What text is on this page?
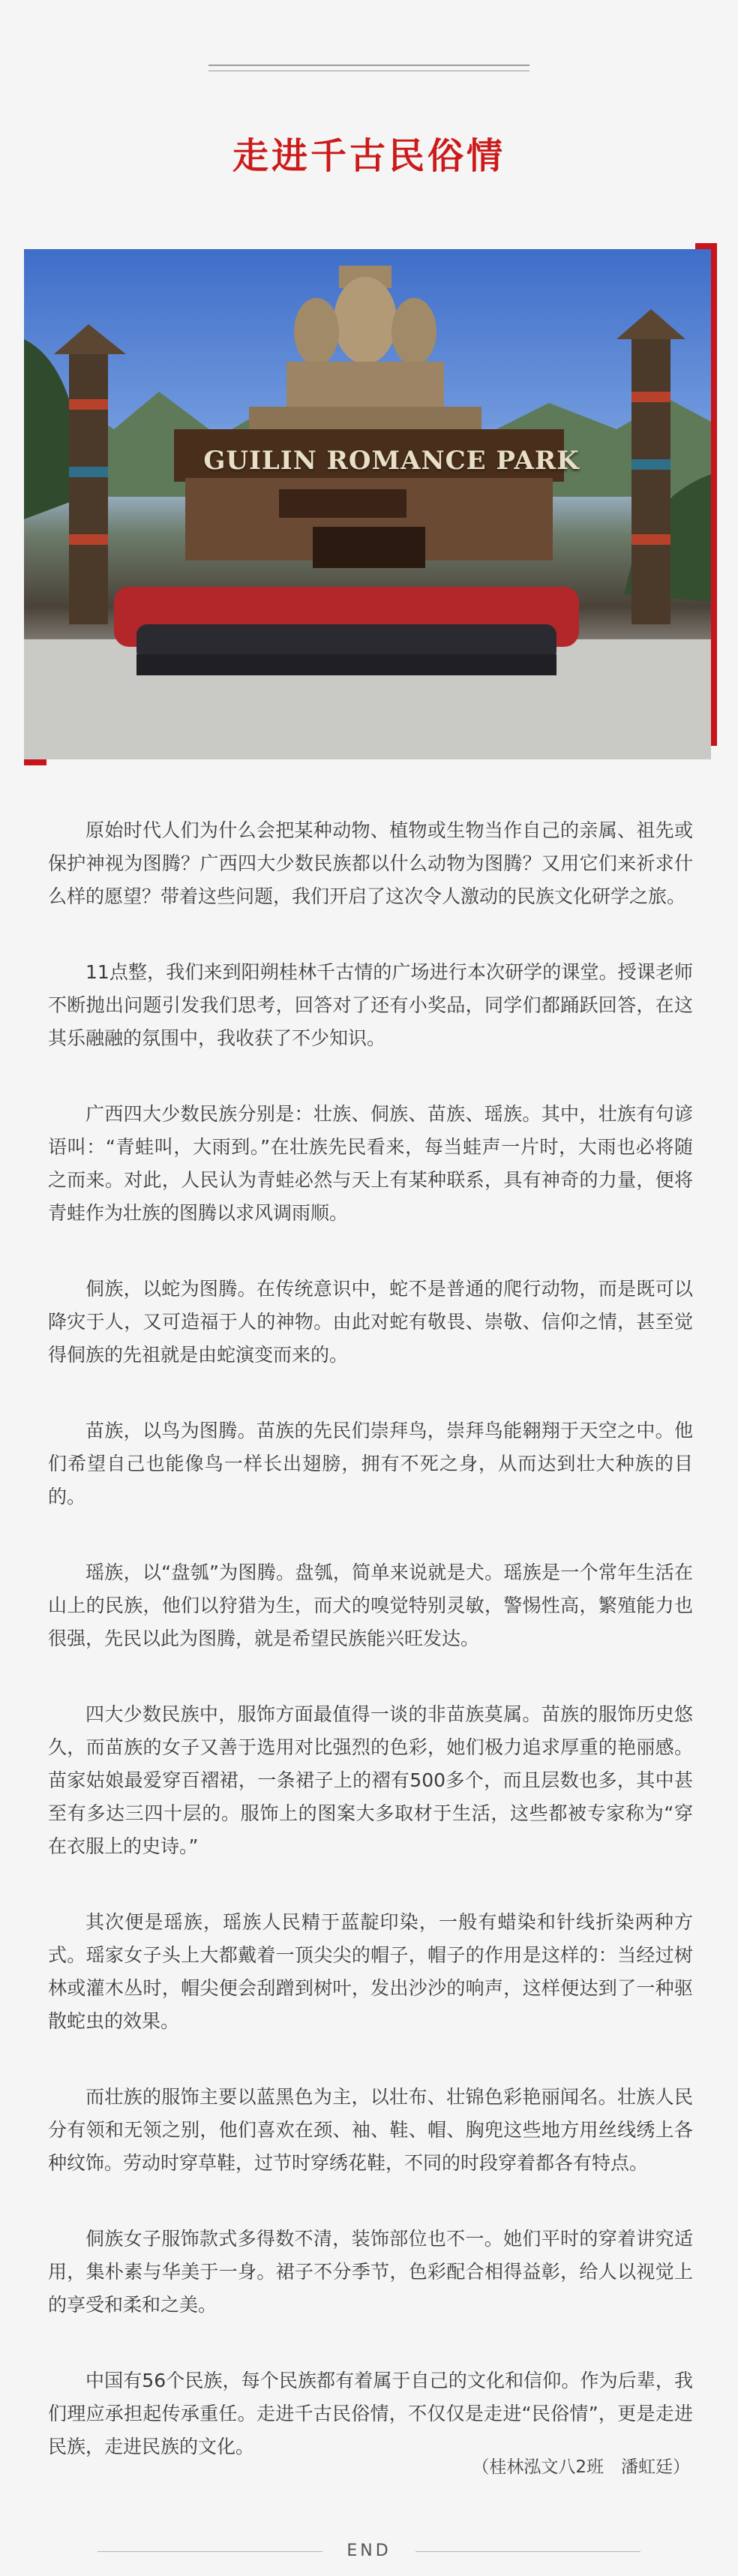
走进千古民俗情
GUILIN ROMANCE PARK

原始时代人们为什么会把某种动物、植物或生物当作自己的亲属、祖先或保护神视为图腾？广西四大少数民族都以什么动物为图腾？又用它们来祈求什么样的愿望？带着这些问题，我们开启了这次令人激动的民族文化研学之旅。

11点整，我们来到阳朔桂林千古情的广场进行本次研学的课堂。授课老师不断抛出问题引发我们思考，回答对了还有小奖品，同学们都踊跃回答，在这其乐融融的氛围中，我收获了不少知识。

广西四大少数民族分别是：壮族、侗族、苗族、瑶族。其中，壮族有句谚语叫：“青蛙叫，大雨到。”在壮族先民看来，每当蛙声一片时，大雨也必将随之而来。对此，人民认为青蛙必然与天上有某种联系，具有神奇的力量，便将青蛙作为壮族的图腾以求风调雨顺。

侗族，以蛇为图腾。在传统意识中，蛇不是普通的爬行动物，而是既可以降灾于人，又可造福于人的神物。由此对蛇有敬畏、崇敬、信仰之情，甚至觉得侗族的先祖就是由蛇演变而来的。

苗族，以鸟为图腾。苗族的先民们崇拜鸟，崇拜鸟能翱翔于天空之中。他们希望自己也能像鸟一样长出翅膀，拥有不死之身，从而达到壮大种族的目的。

瑶族，以“盘瓠”为图腾。盘瓠，简单来说就是犬。瑶族是一个常年生活在山上的民族，他们以狩猎为生，而犬的嗅觉特别灵敏，警惕性高，繁殖能力也很强，先民以此为图腾，就是希望民族能兴旺发达。

四大少数民族中，服饰方面最值得一谈的非苗族莫属。苗族的服饰历史悠久，而苗族的女子又善于选用对比强烈的色彩，她们极力追求厚重的艳丽感。苗家姑娘最爱穿百褶裙，一条裙子上的褶有500多个，而且层数也多，其中甚至有多达三四十层的。服饰上的图案大多取材于生活，这些都被专家称为“穿在衣服上的史诗。”

其次便是瑶族，瑶族人民精于蓝靛印染，一般有蜡染和针线折染两种方式。瑶家女子头上大都戴着一顶尖尖的帽子，帽子的作用是这样的：当经过树林或灌木丛时，帽尖便会刮蹭到树叶，发出沙沙的响声，这样便达到了一种驱散蛇虫的效果。

而壮族的服饰主要以蓝黑色为主，以壮布、壮锦色彩艳丽闻名。壮族人民分有领和无领之别，他们喜欢在颈、袖、鞋、帽、胸兜这些地方用丝线绣上各种纹饰。劳动时穿草鞋，过节时穿绣花鞋，不同的时段穿着都各有特点。

侗族女子服饰款式多得数不清，装饰部位也不一。她们平时的穿着讲究适用，集朴素与华美于一身。裙子不分季节，色彩配合相得益彰，给人以视觉上的享受和柔和之美。

中国有56个民族，每个民族都有着属于自己的文化和信仰。作为后辈，我们理应承担起传承重任。走进千古民俗情，不仅仅是走进“民俗情”，更是走进民族，走进民族的文化。

（桂林泓文八2班　潘虹廷）
END
